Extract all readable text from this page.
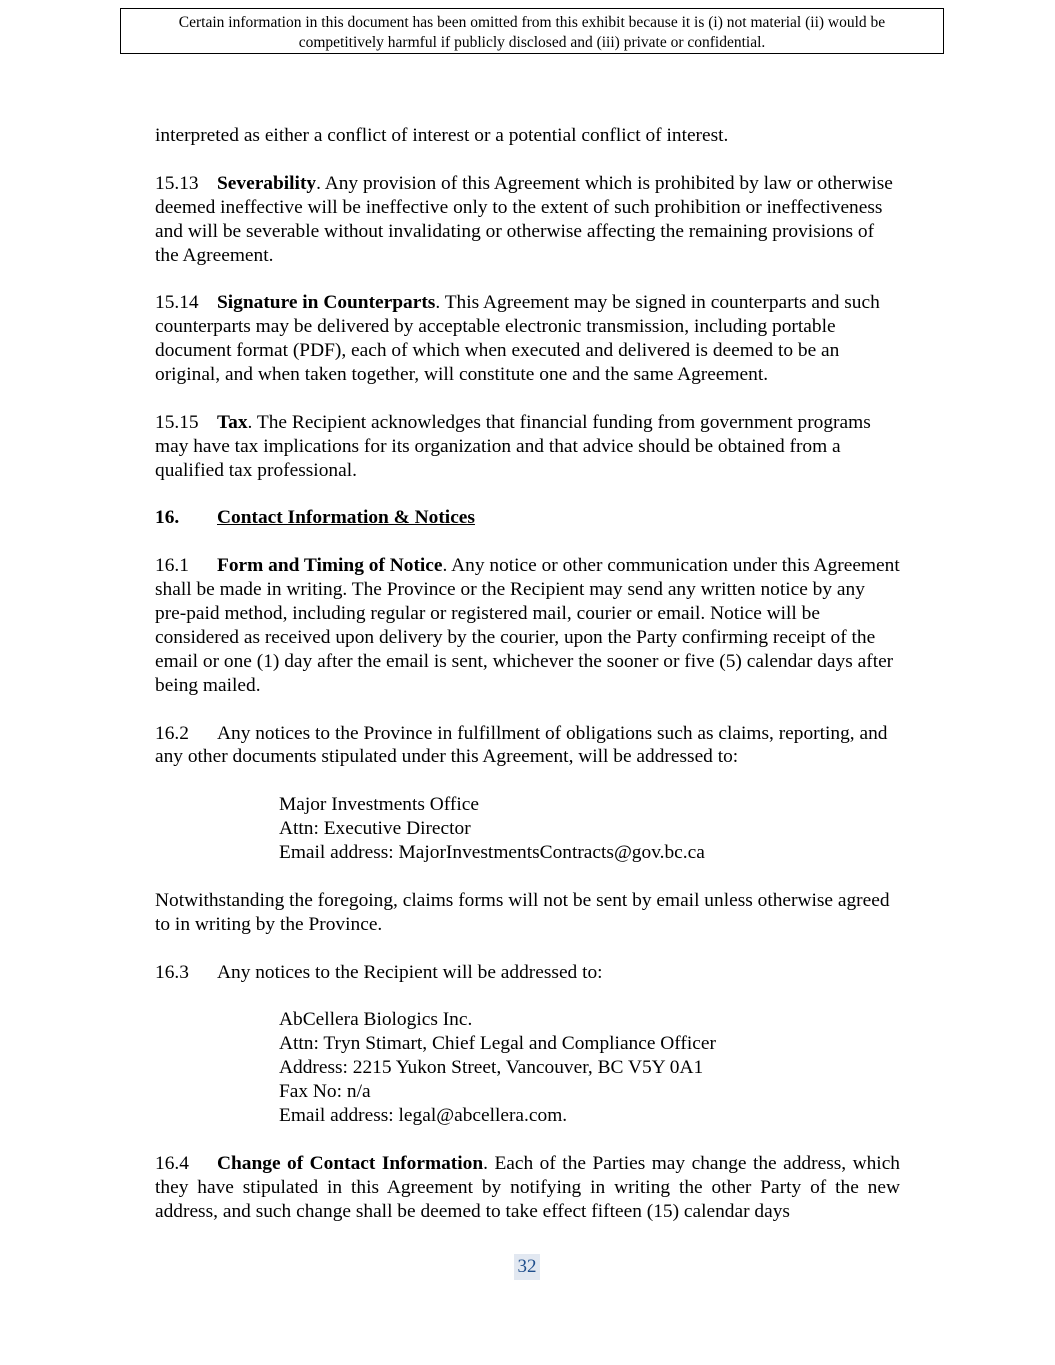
Certain information in this document has been omitted from this exhibit because it is (i) not material (ii) would be
competitively harmful if publicly disclosed and (iii) private or confidential.

interpreted as either a conflict of interest or a potential conflict of interest.

15.13 Severability. Any provision of this Agreement which is prohibited by law or otherwise deemed ineffective will be ineffective only to the extent of such prohibition or ineffectiveness and will be severable without invalidating or otherwise affecting the remaining provisions of the Agreement.

15.14 Signature in Counterparts. This Agreement may be signed in counterparts and such counterparts may be delivered by acceptable electronic transmission, including portable document format (PDF), each of which when executed and delivered is deemed to be an original, and when taken together, will constitute one and the same Agreement.

15.15 Tax. The Recipient acknowledges that financial funding from government programs may have tax implications for its organization and that advice should be obtained from a qualified tax professional.

16. Contact Information & Notices

16.1 Form and Timing of Notice. Any notice or other communication under this Agreement shall be made in writing. The Province or the Recipient may send any written notice by any pre-paid method, including regular or registered mail, courier or email. Notice will be considered as received upon delivery by the courier, upon the Party confirming receipt of the email or one (1) day after the email is sent, whichever the sooner or five (5) calendar days after being mailed.

16.2 Any notices to the Province in fulfillment of obligations such as claims, reporting, and any other documents stipulated under this Agreement, will be addressed to:

Major Investments Office
Attn: Executive Director
Email address: MajorInvestmentsContracts@gov.bc.ca

Notwithstanding the foregoing, claims forms will not be sent by email unless otherwise agreed to in writing by the Province.

16.3 Any notices to the Recipient will be addressed to:

AbCellera Biologics Inc.
Attn: Tryn Stimart, Chief Legal and Compliance Officer
Address: 2215 Yukon Street, Vancouver, BC V5Y 0A1
Fax No: n/a
Email address: legal@abcellera.com.

16.4 Change of Contact Information. Each of the Parties may change the address, which they have stipulated in this Agreement by notifying in writing the other Party of the new address, and such change shall be deemed to take effect fifteen (15) calendar days

32
